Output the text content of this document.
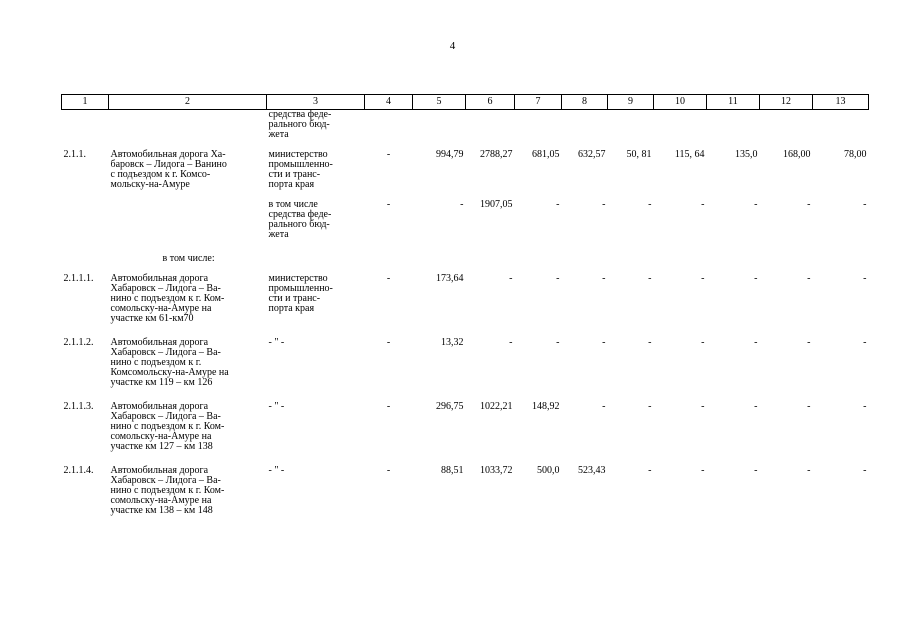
4
1	2	3	4	5	6	7	8	9	10	11	12	13
		средства феде-
рального бюд-
жета										
2.1.1.	Автомобильная дорога Ха-
баровск – Лидога – Ванино
с подъездом к г. Комсо-
мольску-на-Амуре	министерство
промышленно-
сти и транс-
порта края	-	994,79	2788,27	681,05	632,57	50, 81	115, 64	135,0	168,00	78,00
		в том числе
средства феде-
рального бюд-
жета	-	-	1907,05	-	-	-	-	-	-	-
	в том числе:											
2.1.1.1.	Автомобильная дорога
Хабаровск – Лидога – Ва-
нино с подъездом к г. Ком-
сомольску-на-Амуре на
участке км 61-км70	министерство
промышленно-
сти и транс-
порта края	-	173,64	-	-	-	-	-	-	-	-
2.1.1.2.	Автомобильная дорога
Хабаровск – Лидога – Ва-
нино с подъездом к г.
Комсомольску-на-Амуре на
участке км 119 – км 126	- " -	-	13,32	-	-	-	-	-	-	-	-
2.1.1.3.	Автомобильная дорога
Хабаровск – Лидога – Ва-
нино с подъездом к г. Ком-
сомольску-на-Амуре на
участке км 127 – км 138	- " -	-	296,75	1022,21	148,92	-	-	-	-	-	-
2.1.1.4.	Автомобильная дорога
Хабаровск – Лидога – Ва-
нино с подъездом к г. Ком-
сомольску-на-Амуре на
участке км 138 – км 148	- " -	-	88,51	1033,72	500,0	523,43	-	-	-	-	-
